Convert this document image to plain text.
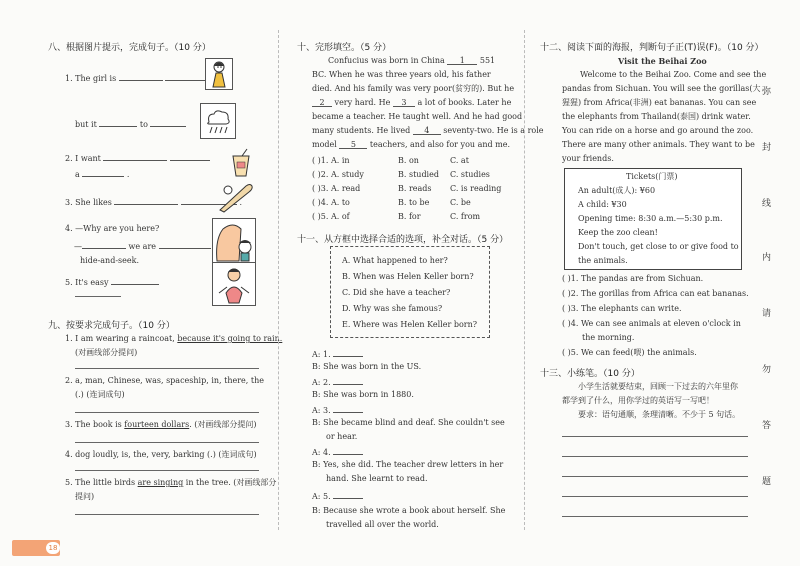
八、根据图片提示，完成句子。（10 分）
1. The girl is
but it	to
2. I want
a	.
3. She likes	.
4. —Why are you here?
—	we are
hide-and-seek.
5. It's easy
九、按要求完成句子。（10 分）
1. I am wearing a raincoat, because it's going to rain.
(对画线部分提问)
2. a, man, Chinese, was, spaceship, in, there, the
(.) (连词成句)
3. The book is fourteen dollars. (对画线部分提问)
4. dog loudly, is, the, very, barking (.) (连词成句)
5. The little birds are singing in the tree. (对画线部分
提问)
十、完形填空。（5 分）
Confucius was born in China 1 551
BC. When he was three years old, his father
died. And his family was very poor(贫穷的). But he
2 very hard. He 3 a lot of books. Later he
became a teacher. He taught well. And he had good
many students. He lived 4 seventy-two. He is a role
model 5 teachers, and also for you and me.
( )1. A. in	B. on	C. at
( )2. A. study	B. studied C. studies
( )3. A. read	B. reads C. is reading
( )4. A. to	B. to be	C. be
( )5. A. of	B. for	C. from
十一、从方框中选择合适的选项，补全对话。（5 分）
A. What happened to her?
B. When was Helen Keller born?
C. Did she have a teacher?
D. Why was she famous?
E. Where was Helen Keller born?
A: 1.
B: She was born in the US.
A: 2.
B: She was born in 1880.
A: 3.
B: She became blind and deaf. She couldn't see
or hear.
A: 4.
B: Yes, she did. The teacher drew letters in her
hand. She learnt to read.
A: 5.
B: Because she wrote a book about herself. She
travelled all over the world.
十二、阅读下面的海报，判断句子正(T)误(F)。（10 分）
Visit the Beihai Zoo
Welcome to the Beihai Zoo. Come and see the
pandas from Sichuan. You will see the gorillas(大
猩猩) from Africa(非洲) eat bananas. You can see
the elephants from Thailand(泰国) drink water.
You can ride on a horse and go around the zoo.
There are many other animals. They want to be
your friends.
Tickets(门票)
An adult(成人): ¥60
A child: ¥30
Opening time: 8:30 a.m.—5:30 p.m.
Keep the zoo clean!
Don't touch, get close to or give food to
the animals.
( )1. The pandas are from Sichuan.
( )2. The gorillas from Africa can eat bananas.
( )3. The elephants can write.
( )4. We can see animals at eleven o'clock in
the morning.
( )5. We can feed(喂) the animals.
十三、小练笔。（10 分）
小学生活就要结束，回顾一下过去的六年里你
都学到了什么，用你学过的英语写一写吧！
要求：语句通顺，条理清晰。不少于 5 句话。
弥
封
线
内
请
勿
答
题
18
